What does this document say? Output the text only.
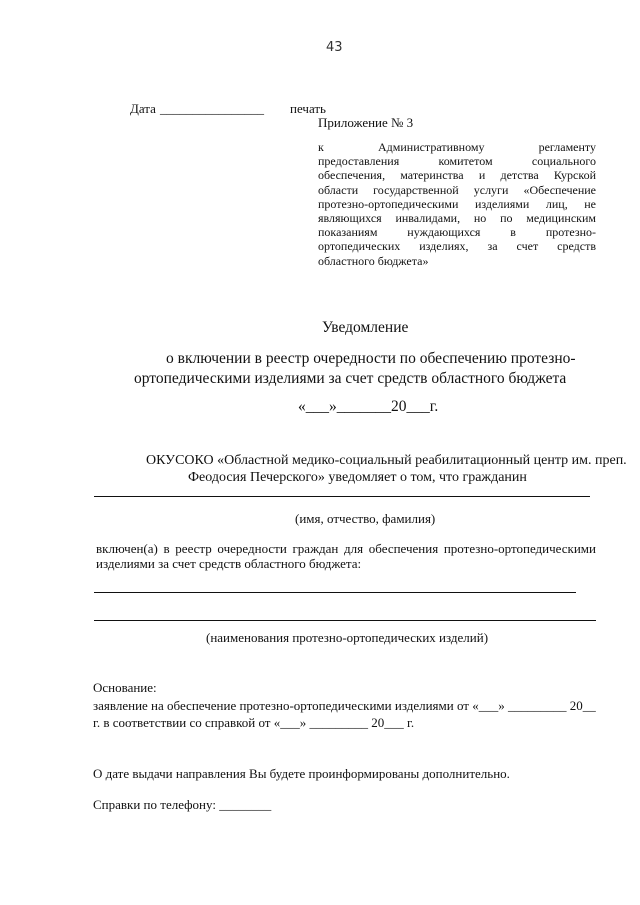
43
Дата ________________ печать
Приложение № 3
к Административному регламенту
предоставления комитетом социального
обеспечения, материнства и детства Курской
области государственной услуги «Обеспечение
протезно-ортопедическими изделиями лиц, не
являющихся инвалидами, но по медицинским
показаниям нуждающихся в протезно-
ортопедических изделиях, за счет средств
областного бюджета»
Уведомление
о включении в реестр очередности по обеспечению протезно-
ортопедическими изделиями за счет средств областного бюджета
«___»_______20___г.
ОКУСОКО «Областной медико-социальный реабилитационный центр им. преп.
Феодосия Печерского» уведомляет о том, что гражданин
(имя, отчество, фамилия)
включен(а) в реестр очередности граждан для обеспечения протезно-ортопедическими
изделиями за счет средств областного бюджета:
(наименования протезно-ортопедических изделий)
Основание:
заявление на обеспечение протезно-ортопедическими изделиями от «___» _________ 20__
г. в соответствии со справкой от «___» _________ 20___ г.
О дате выдачи направления Вы будете проинформированы дополнительно.
Справки по телефону: ________
